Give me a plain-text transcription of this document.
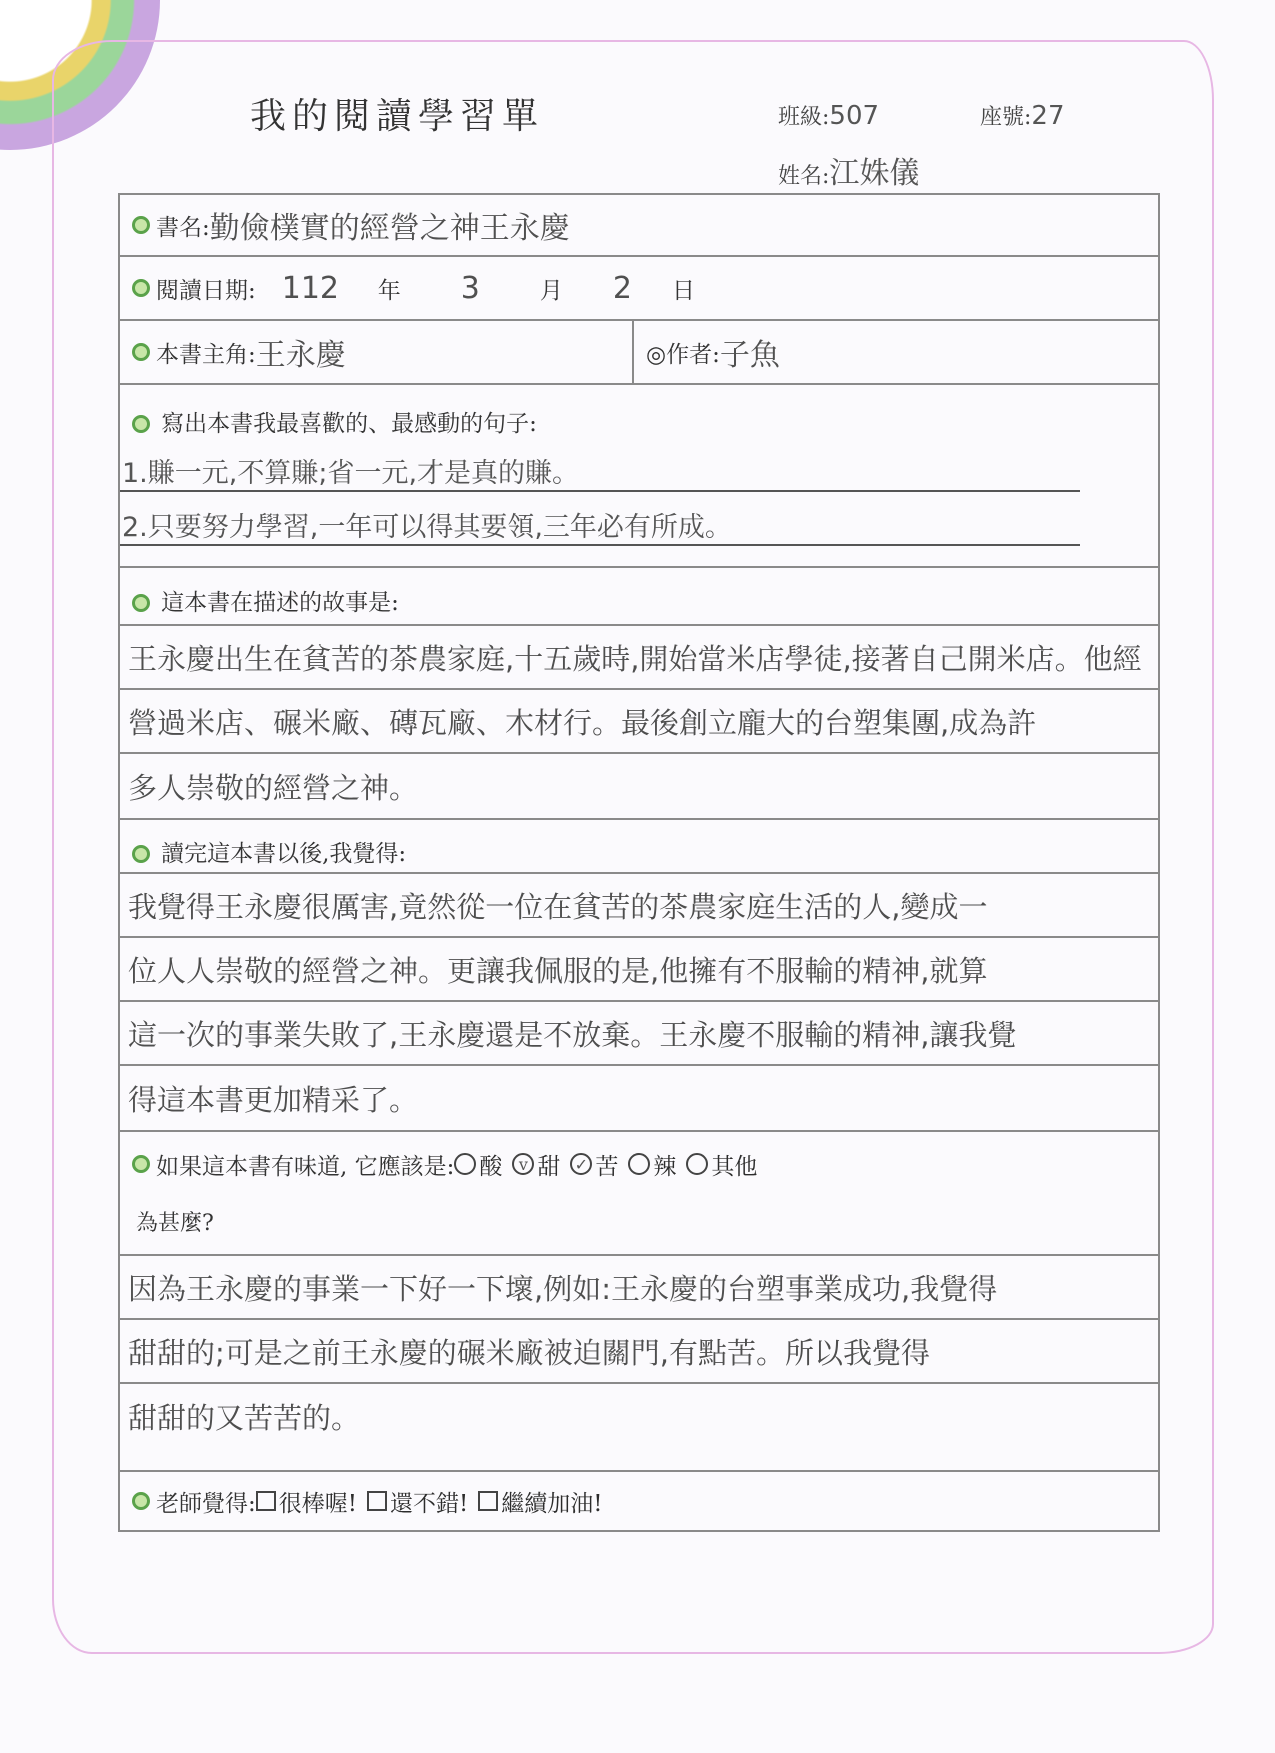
我的閱讀學習單	班級:507	座號:27
姓名:江姝儀
書名: 勤儉樸實的經營之神王永慶
閱讀日期: 112 年 3	月 2 日
本書主角: 王永慶	◎作者: 子魚
寫出本書我最喜歡的、最感動的句子:
1.賺一元,不算賺;省一元,才是真的賺。
2.只要努力學習,一年可以得其要領,三年必有所成。
這本書在描述的故事是:
王永慶出生在貧苦的茶農家庭,十五歲時,開始當米店學徒,接著自己開米店。他經
營過米店、碾米廠、磚瓦廠、木材行。最後創立龐大的台塑集團,成為許
多人崇敬的經營之神。
讀完這本書以後,我覺得:
我覺得王永慶很厲害,竟然從一位在貧苦的茶農家庭生活的人,變成一
位人人崇敬的經營之神。更讓我佩服的是,他擁有不服輸的精神,就算
這一次的事業失敗了,王永慶還是不放棄。王永慶不服輸的精神,讓我覺
得這本書更加精采了。
如果這本書有味道, 它應該是: 酸	v 甜 ✓ 苦 辣 其他
為甚麼?
因為王永慶的事業一下好一下壞,例如:王永慶的台塑事業成功,我覺得
甜甜的;可是之前王永慶的碾米廠被迫關門,有點苦。所以我覺得
甜甜的又苦苦的。
老師覺得: 很棒喔! 還不錯! 繼續加油!
